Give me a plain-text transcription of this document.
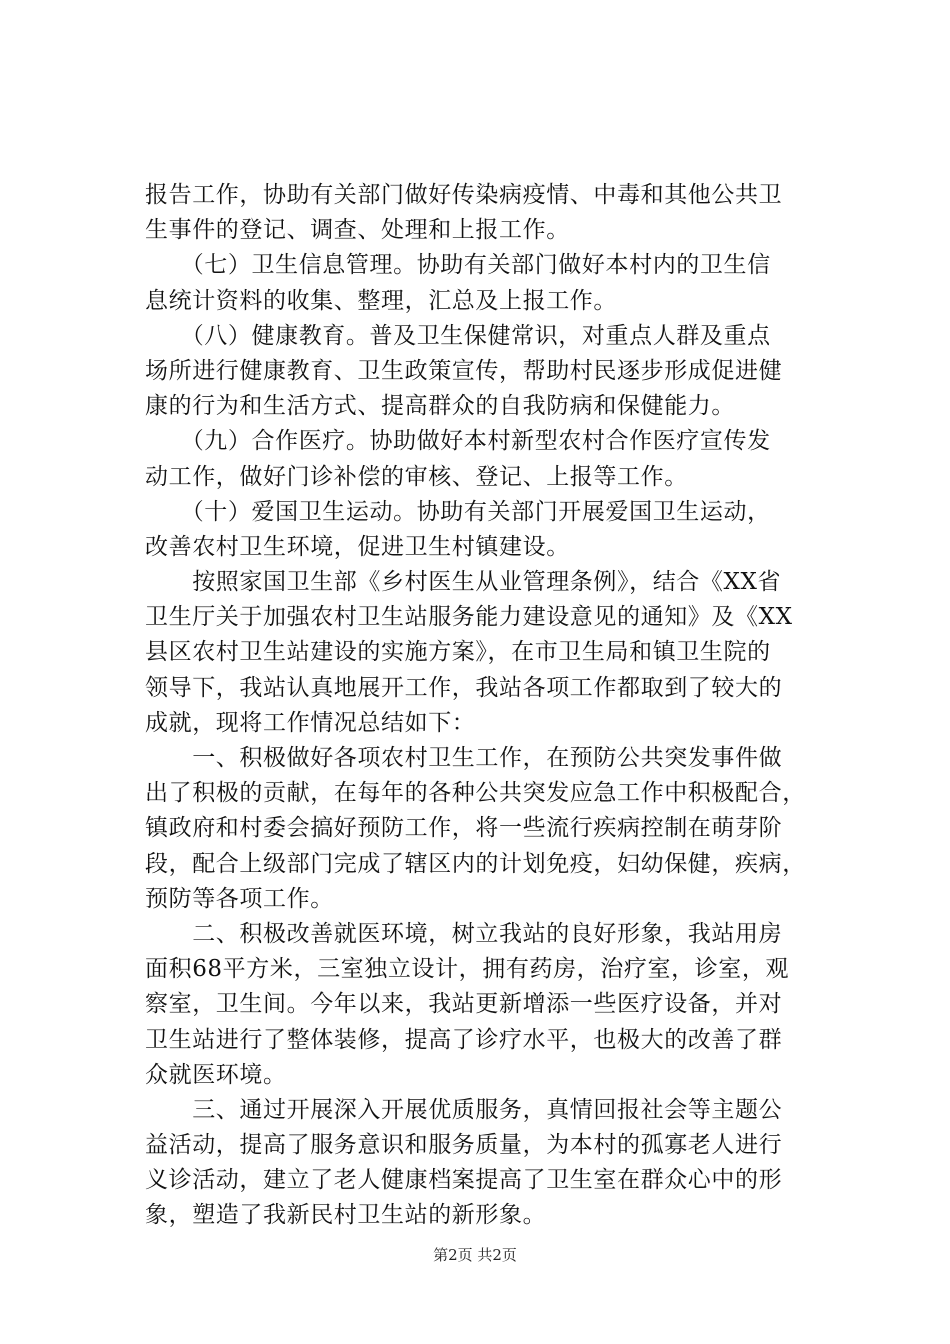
报告工作，协助有关部门做好传染病疫情、中毒和其他公共卫
生事件的登记、调查、处理和上报工作。
　　（七）卫生信息管理。协助有关部门做好本村内的卫生信
息统计资料的收集、整理，汇总及上报工作。
　　（八）健康教育。普及卫生保健常识，对重点人群及重点
场所进行健康教育、卫生政策宣传，帮助村民逐步形成促进健
康的行为和生活方式、提高群众的自我防病和保健能力。
　　（九）合作医疗。协助做好本村新型农村合作医疗宣传发
动工作，做好门诊补偿的审核、登记、上报等工作。
　　（十）爱国卫生运动。协助有关部门开展爱国卫生运动，
改善农村卫生环境，促进卫生村镇建设。
　　按照家国卫生部《乡村医生从业管理条例》，结合《XX省
卫生厅关于加强农村卫生站服务能力建设意见的通知》及《XX
县区农村卫生站建设的实施方案》，在市卫生局和镇卫生院的
领导下，我站认真地展开工作，我站各项工作都取到了较大的
成就，现将工作情况总结如下：
　　一、积极做好各项农村卫生工作，在预防公共突发事件做
出了积极的贡献，在每年的各种公共突发应急工作中积极配合，
镇政府和村委会搞好预防工作，将一些流行疾病控制在萌芽阶
段，配合上级部门完成了辖区内的计划免疫，妇幼保健，疾病，
预防等各项工作。
　　二、积极改善就医环境，树立我站的良好形象，我站用房
面积68平方米，三室独立设计，拥有药房，治疗室，诊室，观
察室，卫生间。今年以来，我站更新增添一些医疗设备，并对
卫生站进行了整体装修，提高了诊疗水平，也极大的改善了群
众就医环境。
　　三、通过开展深入开展优质服务，真情回报社会等主题公
益活动，提高了服务意识和服务质量，为本村的孤寡老人进行
义诊活动，建立了老人健康档案提高了卫生室在群众心中的形
象，塑造了我新民村卫生站的新形象。
第2页 共2页
